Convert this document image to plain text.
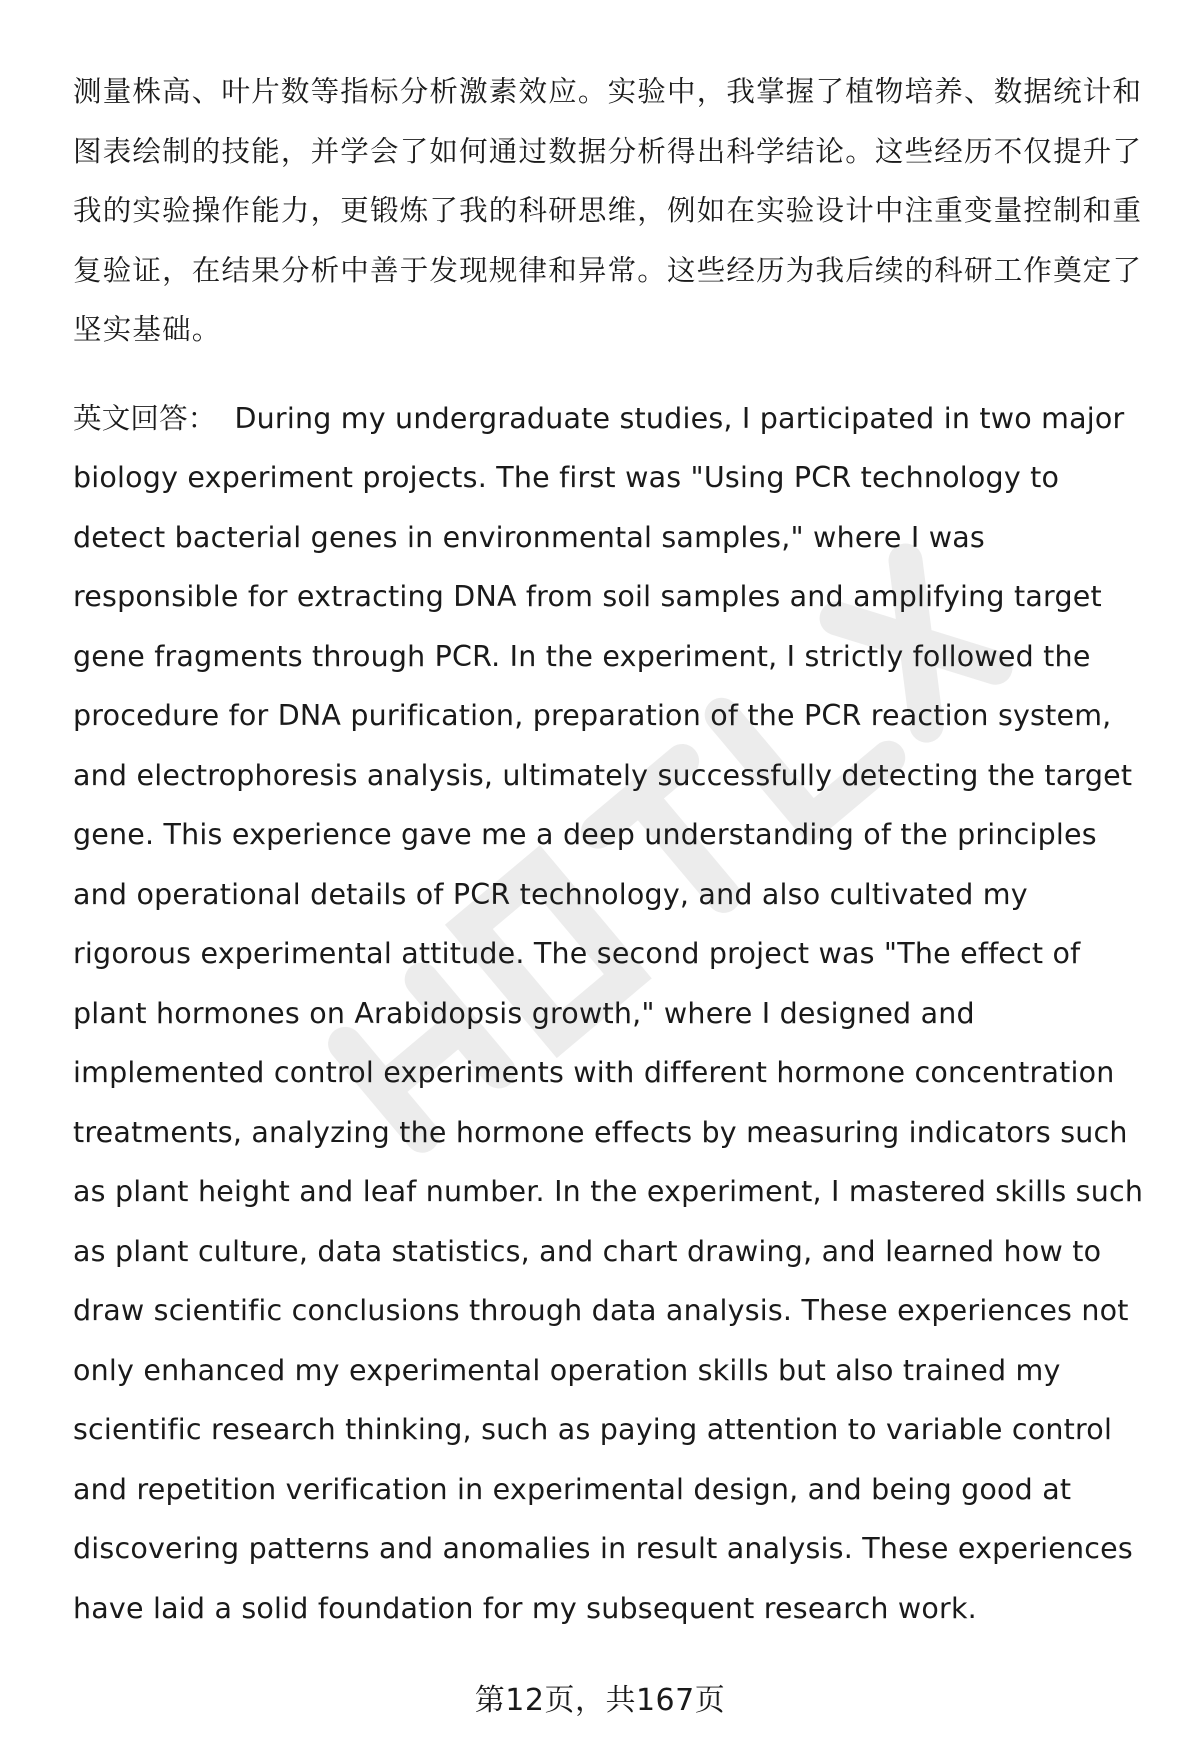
测量株高、叶片数等指标分析激素效应。实验中，我掌握了植物培养、数据统计和图表绘制的技能，并学会了如何通过数据分析得出科学结论。这些经历不仅提升了我的实验操作能力，更锻炼了我的科研思维，例如在实验设计中注重变量控制和重复验证，在结果分析中善于发现规律和异常。这些经历为我后续的科研工作奠定了坚实基础。

英文回答： During my undergraduate studies, I participated in two major biology experiment projects. The first was "Using PCR technology to detect bacterial genes in environmental samples," where I was responsible for extracting DNA from soil samples and amplifying target gene fragments through PCR. In the experiment, I strictly followed the procedure for DNA purification, preparation of the PCR reaction system, and electrophoresis analysis, ultimately successfully detecting the target gene. This experience gave me a deep understanding of the principles and operational details of PCR technology, and also cultivated my rigorous experimental attitude. The second project was "The effect of plant hormones on Arabidopsis growth," where I designed and implemented control experiments with different hormone concentration treatments, analyzing the hormone effects by measuring indicators such as plant height and leaf number. In the experiment, I mastered skills such as plant culture, data statistics, and chart drawing, and learned how to draw scientific conclusions through data analysis. These experiences not only enhanced my experimental operation skills but also trained my scientific research thinking, such as paying attention to variable control and repetition verification in experimental design, and being good at discovering patterns and anomalies in result analysis. These experiences have laid a solid foundation for my subsequent research work.

第12页，共167页
